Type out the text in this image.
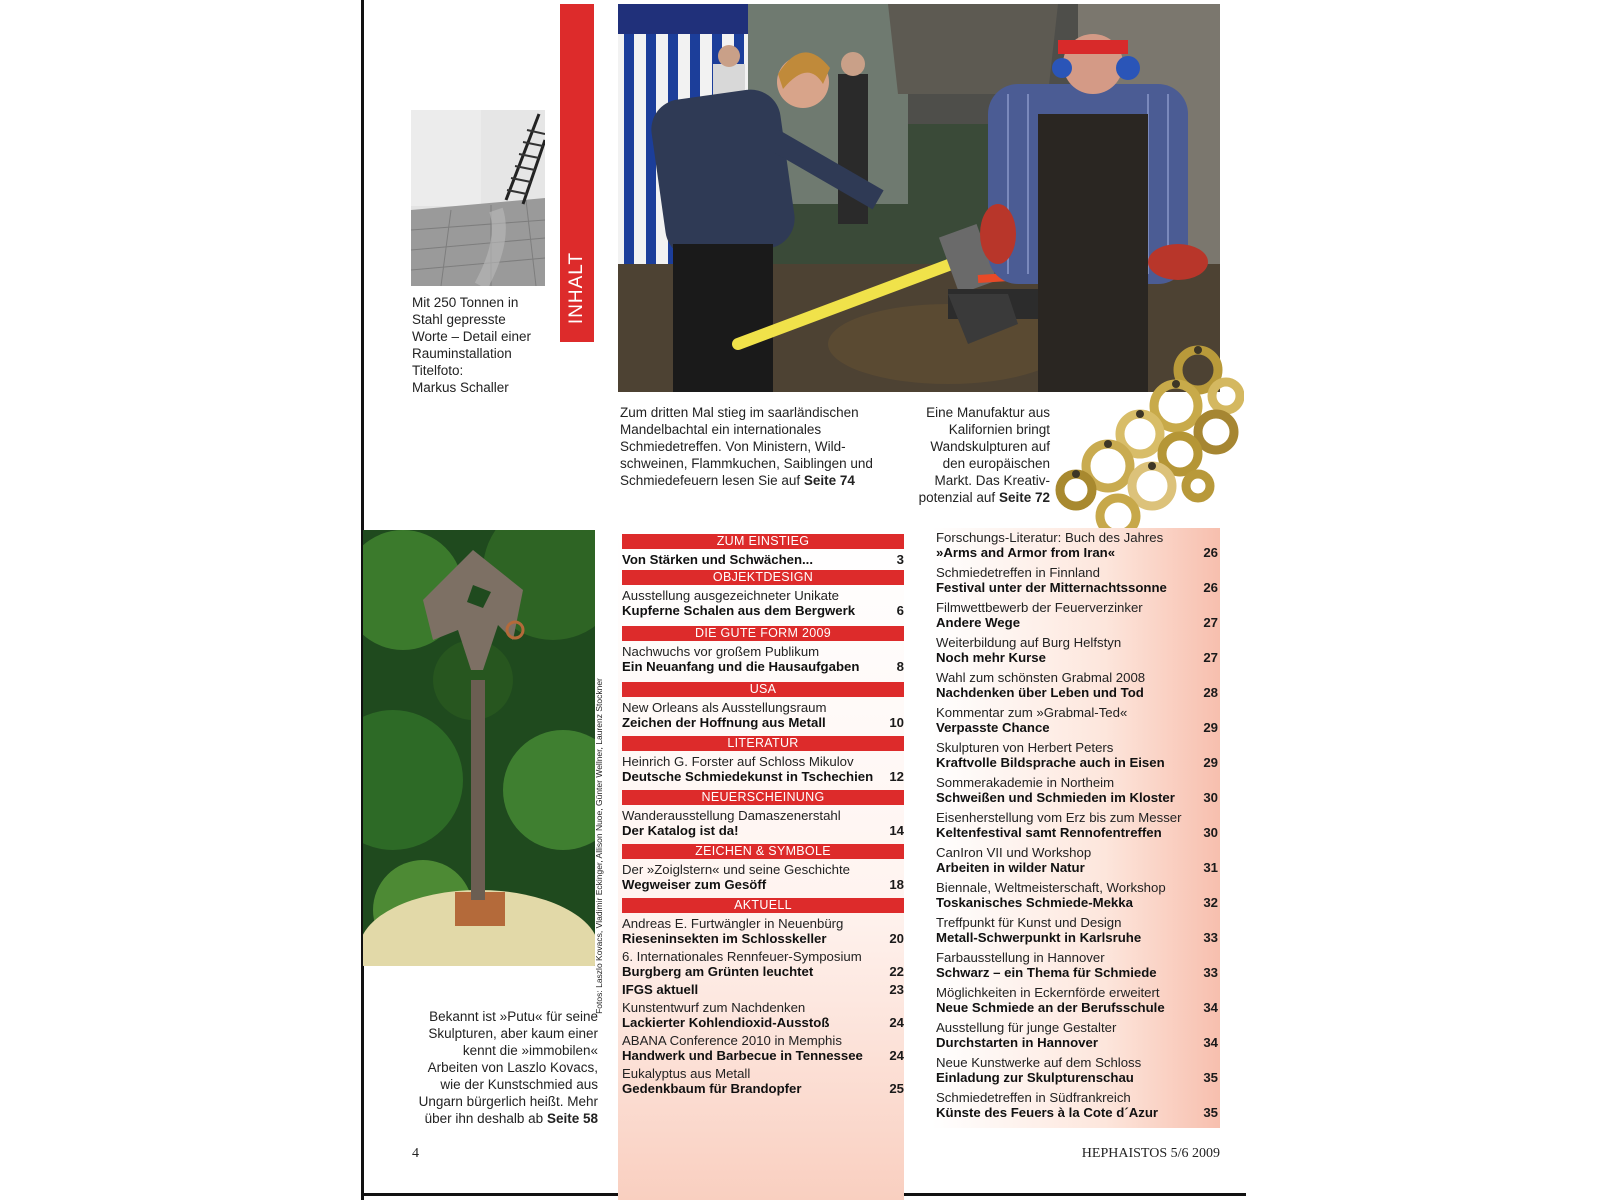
Mit 250 Tonnen in
Stahl gepresste
Worte – Detail einer
Rauminstallation
Titelfoto:
Markus Schaller
INHALT
Zum dritten Mal stieg im saarländischen
Mandelbachtal ein internationales
Schmiedetreffen. Von Ministern, Wild-
schweinen, Flammkuchen, Saiblingen und
Schmiedefeuern lesen Sie auf Seite 74
Eine Manufaktur aus
Kalifornien bringt
Wandskulpturen auf
den europäischen
Markt. Das Kreativ-
potenzial auf Seite 72
Fotos: Laszlo Kovacs, Vladimir Eckinger, Allison Nuoe, Günter Wellner, Laurenz Stockner
Bekannt ist »Putu« für seine
Skulpturen, aber kaum einer
kennt die »immobilen«
Arbeiten von Laszlo Kovacs,
wie der Kunstschmied aus
Ungarn bürgerlich heißt. Mehr
über ihn deshalb ab Seite 58
ZUM EINSTIEG
Von Stärken und Schwächen...	3
OBJEKTDESIGN
Ausstellung ausgezeichneter Unikate
Kupferne Schalen aus dem Bergwerk	6
DIE GUTE FORM 2009
Nachwuchs vor großem Publikum
Ein Neuanfang und die Hausaufgaben	8
USA
New Orleans als Ausstellungsraum
Zeichen der Hoffnung aus Metall	10
LITERATUR
Heinrich G. Forster auf Schloss Mikulov
Deutsche Schmiedekunst in Tschechien 12
NEUERSCHEINUNG
Wanderausstellung Damaszenerstahl
Der Katalog ist da!	14
ZEICHEN & SYMBOLE
Der »Zoiglstern« und seine Geschichte
Wegweiser zum Gesöff	18
AKTUELL
Andreas E. Furtwängler in Neuenbürg
Rieseninsekten im Schlosskeller	20
6. Internationales Rennfeuer-Symposium
Burgberg am Grünten leuchtet	22
IFGS aktuell	23
Kunstentwurf zum Nachdenken
Lackierter Kohlendioxid-Ausstoß	24
ABANA Conference 2010 in Memphis
Handwerk und Barbecue in Tennessee	24
Eukalyptus aus Metall
Gedenkbaum für Brandopfer	25
Forschungs-Literatur: Buch des Jahres
»Arms and Armor from Iran«	26
Schmiedetreffen in Finnland
Festival unter der Mitternachtssonne	26
Filmwettbewerb der Feuerverzinker
Andere Wege	27
Weiterbildung auf Burg Helfstyn
Noch mehr Kurse	27
Wahl zum schönsten Grabmal 2008
Nachdenken über Leben und Tod	28
Kommentar zum »Grabmal-Ted«
Verpasste Chance	29
Skulpturen von Herbert Peters
Kraftvolle Bildsprache auch in Eisen	29
Sommerakademie in Northeim
Schweißen und Schmieden im Kloster	30
Eisenherstellung vom Erz bis zum Messer
Keltenfestival samt Rennofentreffen	30
CanIron VII und Workshop
Arbeiten in wilder Natur	31
Biennale, Weltmeisterschaft, Workshop
Toskanisches Schmiede-Mekka	32
Treffpunkt für Kunst und Design
Metall-Schwerpunkt in Karlsruhe	33
Farbausstellung in Hannover
Schwarz – ein Thema für Schmiede	33
Möglichkeiten in Eckernförde erweitert
Neue Schmiede an der Berufsschule	34
Ausstellung für junge Gestalter
Durchstarten in Hannover	34
Neue Kunstwerke auf dem Schloss
Einladung zur Skulpturenschau	35
Schmiedetreffen in Südfrankreich
Künste des Feuers à la Cote d´Azur	35
4	HEPHAISTOS 5/6 2009
